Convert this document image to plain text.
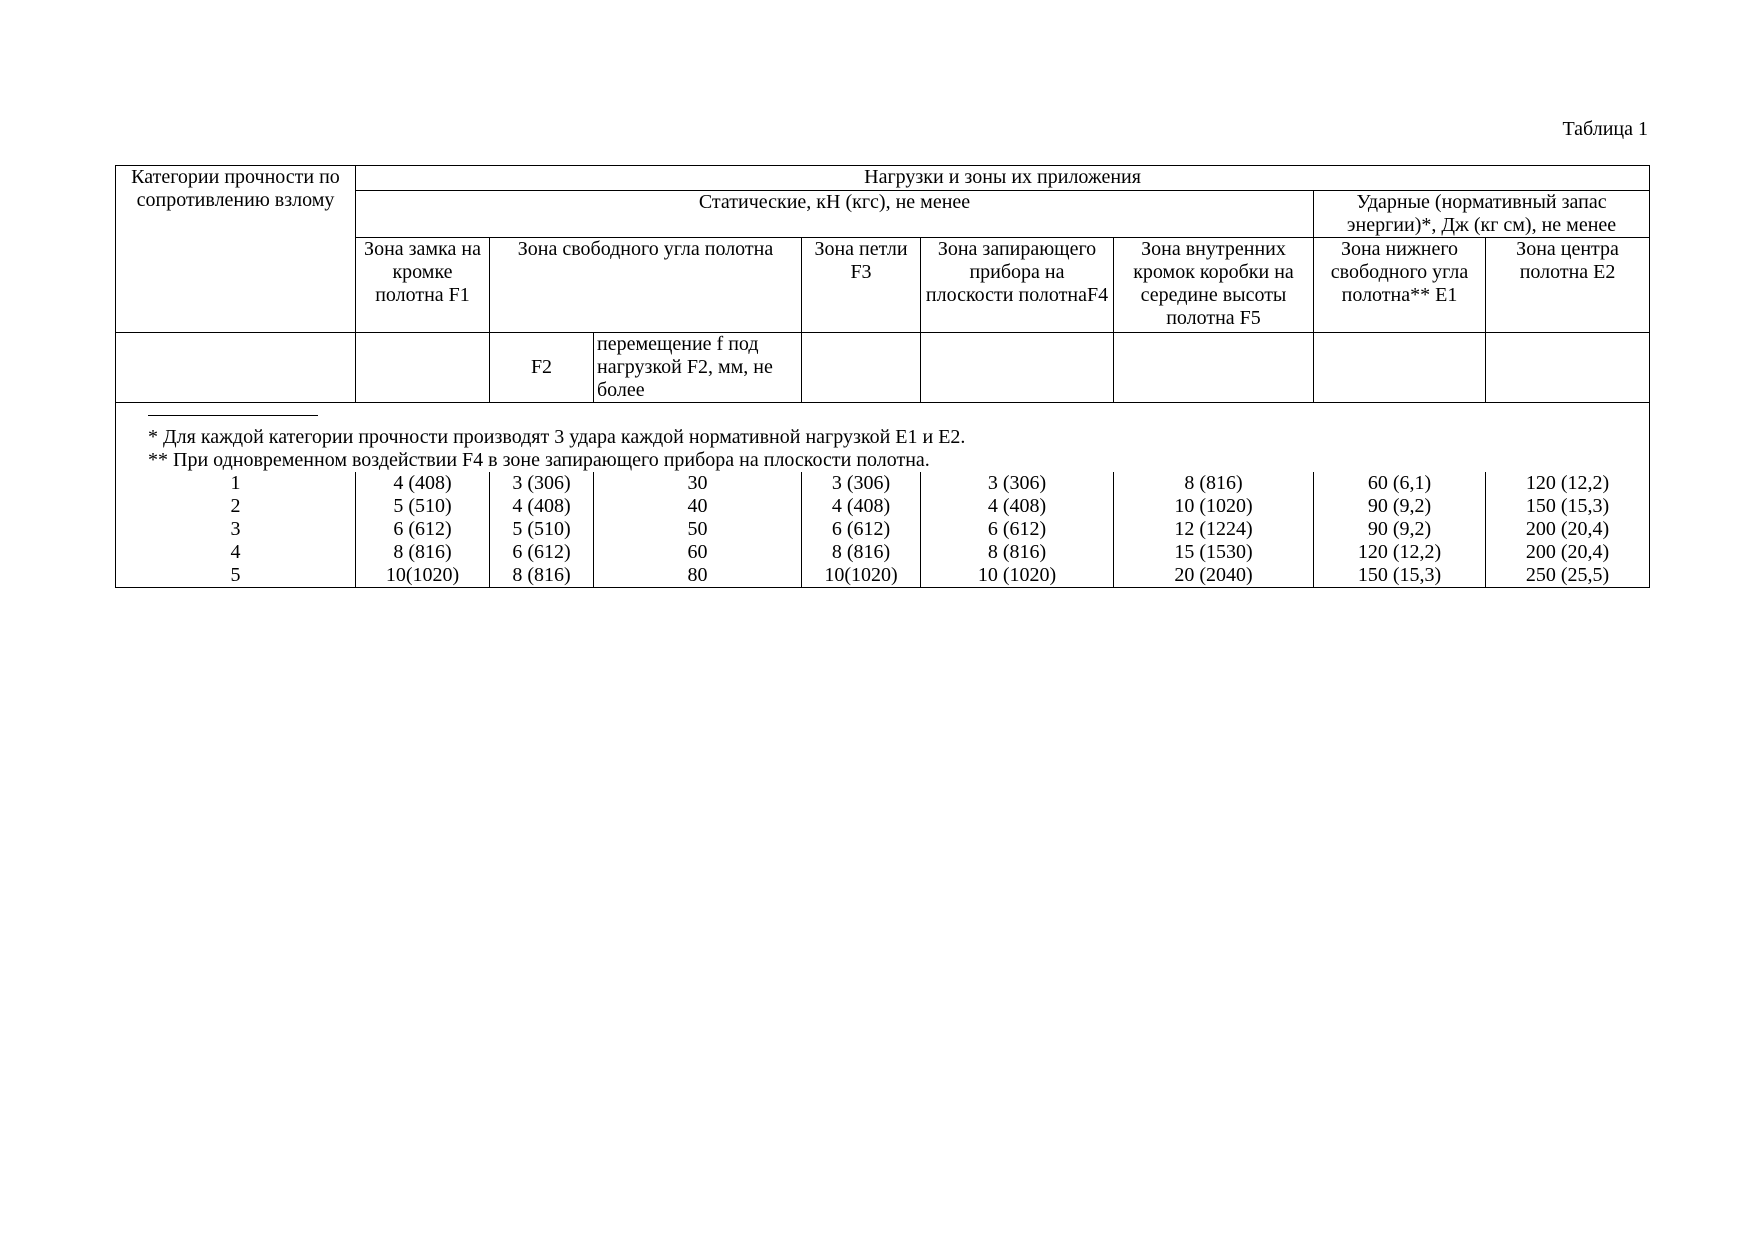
Таблица 1
Категории прочности по сопротивлению взлому	Нагрузки и зоны их приложения							
	Статические, кН (кгс), не менее						Ударные (нормативный запас энергии)*, Дж (кг см), не менее	
	Зона замка на кромке полотна F1	Зона свободного угла полотна		Зона петли F3	Зона запирающего прибора на плоскости полотнаF4	Зона внутренних кромок коробки на середине высоты полотна F5	Зона нижнего свободного угла полотна** E1	Зона центра полотна E2
		F2	перемещение f под нагрузкой F2, мм, не более					

* Для каждой категории прочности производят 3 удара каждой нормативной нагрузкой E1 и E2.
** При одновременном воздействии F4 в зоне запирающего прибора на плоскости полотна.								

1	4 (408)	3 (306)	30	3 (306)	3 (306)	8 (816)	60 (6,1)	120 (12,2)
2	5 (510)	4 (408)	40	4 (408)	4 (408)	10 (1020)	90 (9,2)	150 (15,3)
3	6 (612)	5 (510)	50	6 (612)	6 (612)	12 (1224)	90 (9,2)	200 (20,4)
4	8 (816)	6 (612)	60	8 (816)	8 (816)	15 (1530)	120 (12,2)	200 (20,4)
5	10(1020)	8 (816)	80	10(1020)	10 (1020)	20 (2040)	150 (15,3)	250 (25,5)
